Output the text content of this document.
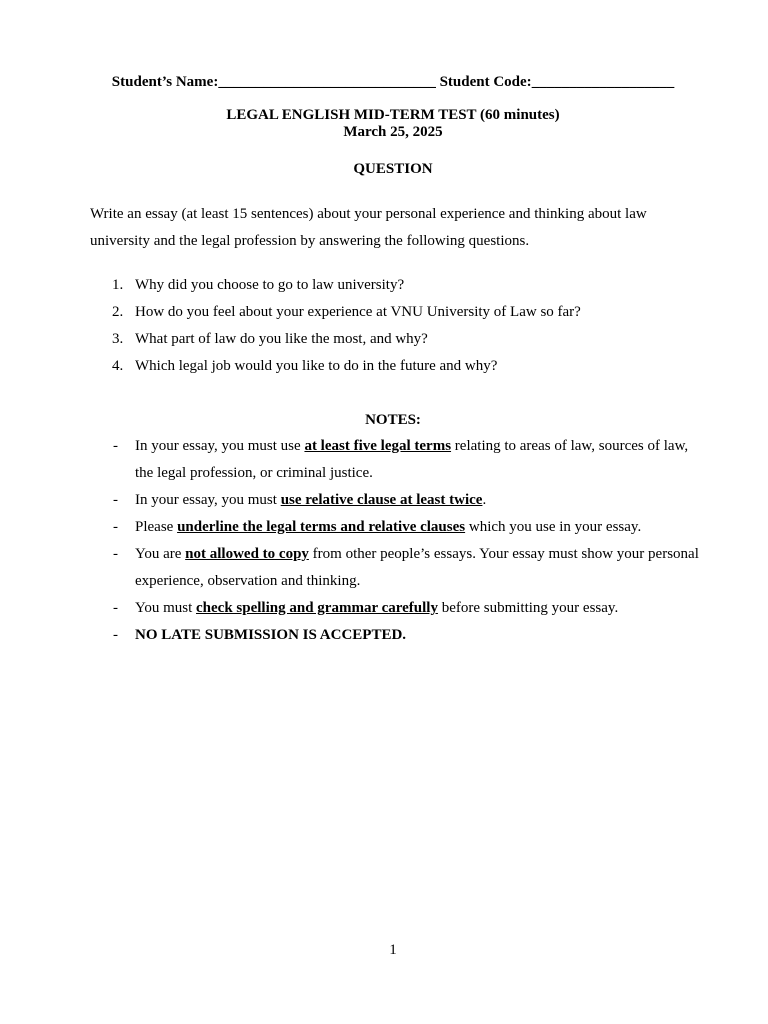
Student’s Name:_____________________________ Student Code:___________________
LEGAL ENGLISH MID-TERM TEST (60 minutes)
March 25, 2025
QUESTION
Write an essay (at least 15 sentences) about your personal experience and thinking about law university and the legal profession by answering the following questions.
1. Why did you choose to go to law university?
2. How do you feel about your experience at VNU University of Law so far?
3. What part of law do you like the most, and why?
4. Which legal job would you like to do in the future and why?
NOTES:
- In your essay, you must use at least five legal terms relating to areas of law, sources of law, the legal profession, or criminal justice.
- In your essay, you must use relative clause at least twice.
- Please underline the legal terms and relative clauses which you use in your essay.
- You are not allowed to copy from other people’s essays. Your essay must show your personal experience, observation and thinking.
- You must check spelling and grammar carefully before submitting your essay.
- NO LATE SUBMISSION IS ACCEPTED.
1
